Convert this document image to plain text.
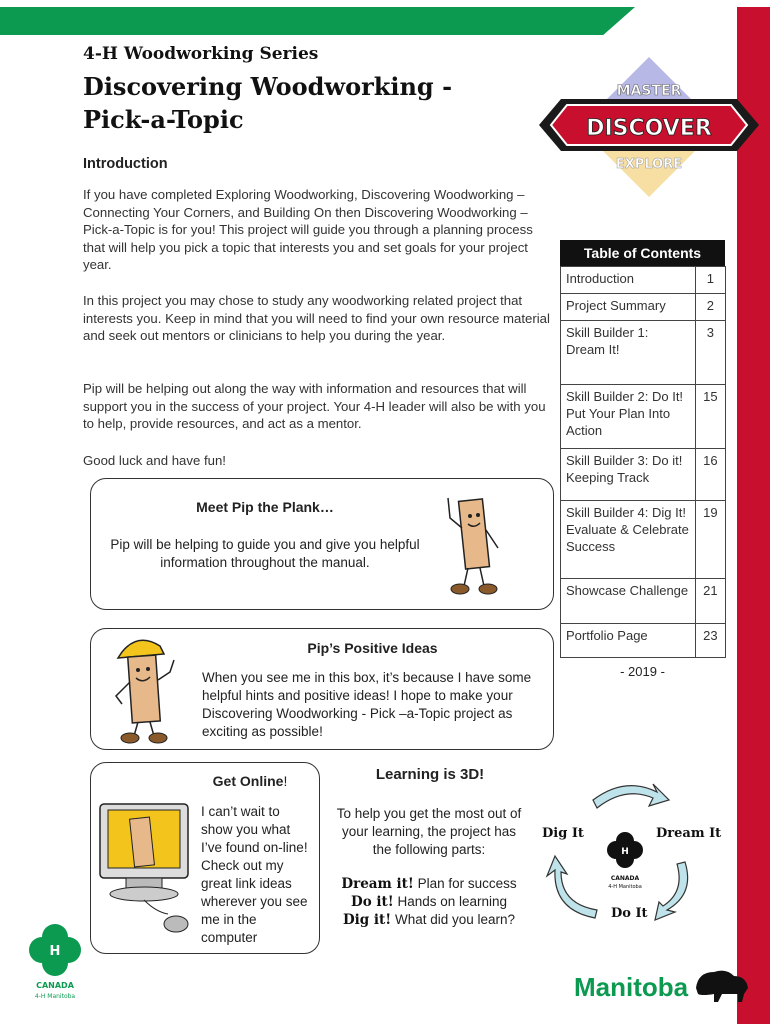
4-H Woodworking Series
Discovering Woodworking -
Pick-a-Topic
MASTER
DISCOVER
EXPLORE
Introduction
If you have completed Exploring Woodworking, Discovering Woodworking – Connecting Your Corners, and Building On then Discovering Woodworking – Pick-a-Topic is for you! This project will guide you through a planning process that will help you pick a topic that interests you and set goals for your project year.
In this project you may chose to study any woodworking related project that interests you. Keep in mind that you will need to find your own resource material and seek out mentors or clinicians to help you during the year.
Pip will be helping out along the way with information and resources that will support you in the success of your project. Your 4-H leader will also be with you to help, provide resources, and act as a mentor.
Good luck and have fun!
Table of Contents
Introduction	1
Project Summary	2
Skill Builder 1: Dream It!	3
Skill Builder 2: Do It! Put Your Plan Into Action	15
Skill Builder 3: Do it! Keeping Track	16
Skill Builder 4: Dig It! Evaluate & Celebrate Success	19
Showcase Challenge	21
Portfolio Page	23
- 2019 -
Meet Pip the Plank…
Pip will be helping to guide you and give you helpful information throughout the manual.
Pip’s Positive Ideas
When you see me in this box, it’s because I have some helpful hints and positive ideas! I hope to make your Discovering Woodworking - Pick –a-Topic project as exciting as possible!
Get Online!
I can’t wait to show you what I’ve found on-line! Check out my great link ideas wherever you see me in the computer
Learning is 3D!
To help you get the most out of your learning, the project has the following parts:
Dream it! Plan for success
Do it! Hands on learning
Dig it! What did you learn?
H
CANADA
4-H Manitoba
Dig It	Dream It
Do It
H
CANADA
4-H Manitoba	Manitoba
